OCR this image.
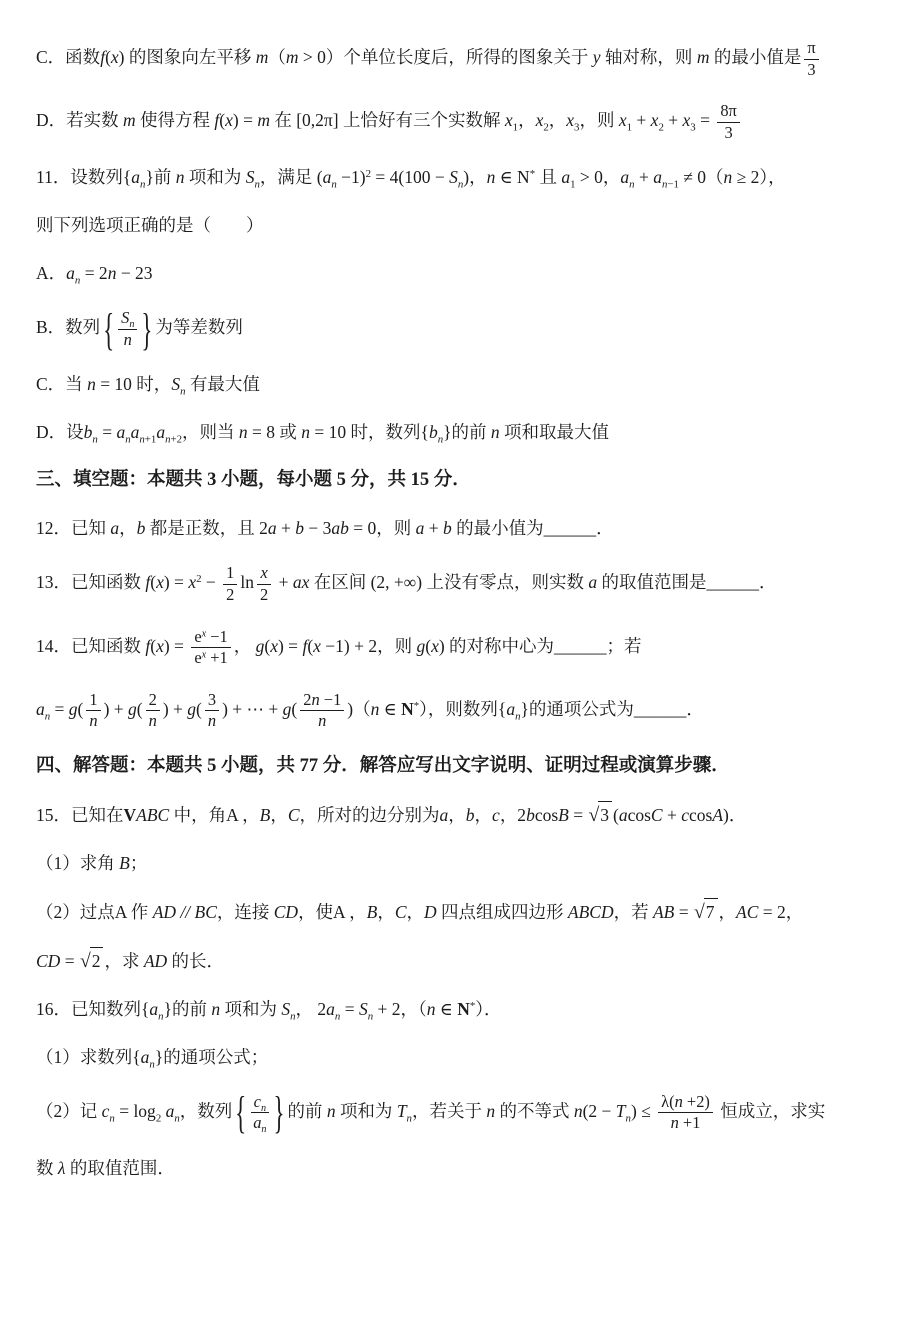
C．函数f(x) 的图象向左平移 m（m > 0）个单位长度后，所得的图象关于 y 轴对称，则 m 的最小值是 $\frac{\pi}{3}$
D．若实数 m 使得方程 f(x) = m 在 [0,2π] 上恰好有三个实数解 $x_1$，$x_2$，$x_3$，则 $x_1 + x_2 + x_3 = \frac{8\pi}{3}$
11．设数列$\{a_n\}$前 n 项和为 $S_n$，满足 $(a_n -1)^2 = 4(100 - S_n)$，n ∈ N* 且 $a_1 > 0$，$a_n + a_{n-1} \ne 0(n \ge 2)$，
则下列选项正确的是（　　）
A．$a_n = 2n - 23$
B．数列 { $\frac{S_n}{n}$ } 为等差数列
C．当 n = 10 时，$S_n$ 有最大值
D．设$b_n = a_na_{n+1}a_{n+2}$，则当 n = 8 或 n = 10 时，数列$\{b_n\}$的前 n 项和取最大值
三、填空题：本题共 3 小题，每小题 5 分，共 15 分．
12．已知 a，b 都是正数，且 2a + b − 3ab = 0，则 a + b 的最小值为______．
13．已知函数 $f(x) = x^2 - \frac{1}{2}$ $\ln \frac{x}{2}$ + ax 在区间 (2, +∞) 上没有零点，则实数 a 的取值范围是______．
14．已知函数 $f(x) = \frac{e^x -1}{e^x +1}$ ， g(x) = f(x −1) + 2，则 g(x) 的对称中心为______；若
$a_n = g( \frac{1}{n}$ ) + $g( \frac{2}{n}$ ) + $g( \frac{3}{n}$ ) + ⋯ + $g( \frac{2n -1}{n} )(n$ ∈ N*），则数列$\{a_n\}$的通项公式为______．
四、解答题：本题共 5 小题，共 77 分．解答应写出文字说明、证明过程或演算步骤．
15．已知在VABC 中，角A ，B，C，所对的边分别为a，b，c，2bcosB = √3 (acosC + ccosA)．
（1）求角 B；
（2）过点A 作 AD // BC，连接 CD，使A ，B，C，D 四点组成四边形 ABCD，若 AB = √7 ，AC = 2，
CD = √2 ，求 AD 的长．
16．已知数列$\{a_n\}$的前 n 项和为 $S_n$， $2a_n = S_n + 2$，（n ∈ N*）．
（1）求数列$\{a_n\}$的通项公式；
（2）记 $c_n = \log_2 a_n$，数列 { $\frac{c_n}{a_n}$ } 的前 n 项和为 $T_n$，若关于 n 的不等式 $n(2 - T_n) \le \frac{\lambda(n +2)}{n +1}$ 恒成立，求实
数 λ 的取值范围．
